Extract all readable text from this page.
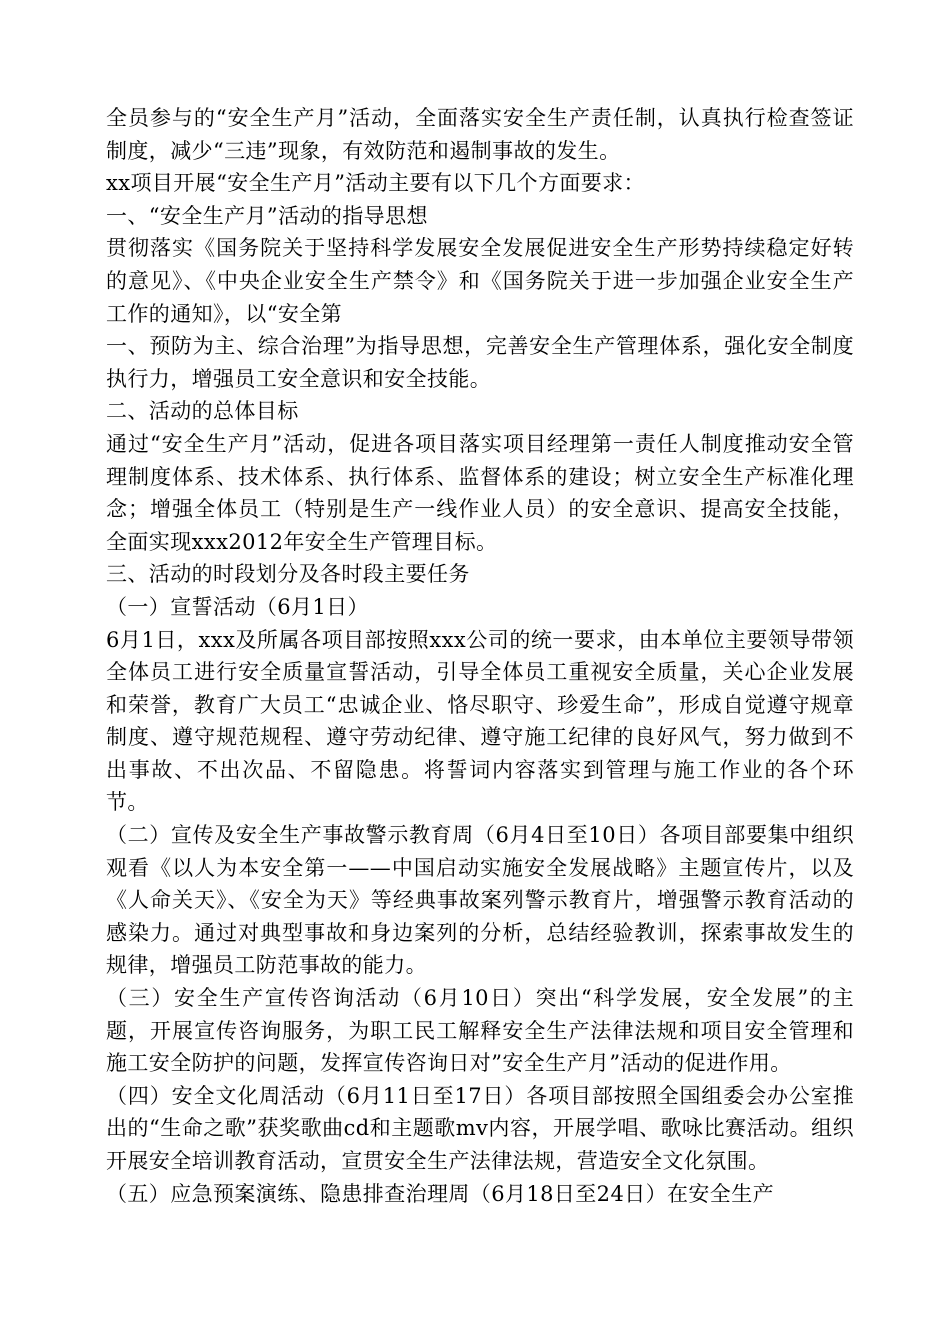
全员参与的“安全生产月”活动，全面落实安全生产责任制，认真执行检查签证制度，减少“三违”现象，有效防范和遏制事故的发生。

xx项目开展“安全生产月”活动主要有以下几个方面要求：

一、“安全生产月”活动的指导思想

贯彻落实《国务院关于坚持科学发展安全发展促进安全生产形势持续稳定好转的意见》、《中央企业安全生产禁令》和《国务院关于进一步加强企业安全生产工作的通知》，以“安全第

一、预防为主、综合治理”为指导思想，完善安全生产管理体系，强化安全制度执行力，增强员工安全意识和安全技能。

二、活动的总体目标

通过“安全生产月”活动，促进各项目落实项目经理第一责任人制度推动安全管理制度体系、技术体系、执行体系、监督体系的建设；树立安全生产标准化理念；增强全体员工（特别是生产一线作业人员）的安全意识、提高安全技能，全面实现xxx2012年安全生产管理目标。

三、活动的时段划分及各时段主要任务

（一）宣誓活动（6月1日）

6月1日，xxx及所属各项目部按照xxx公司的统一要求，由本单位主要领导带领全体员工进行安全质量宣誓活动，引导全体员工重视安全质量，关心企业发展和荣誉，教育广大员工“忠诚企业、恪尽职守、珍爱生命”，形成自觉遵守规章制度、遵守规范规程、遵守劳动纪律、遵守施工纪律的良好风气，努力做到不出事故、不出次品、不留隐患。将誓词内容落实到管理与施工作业的各个环节。

（二）宣传及安全生产事故警示教育周（6月4日至10日）各项目部要集中组织观看《以人为本安全第一——中国启动实施安全发展战略》主题宣传片，以及《人命关天》、《安全为天》等经典事故案列警示教育片，增强警示教育活动的感染力。通过对典型事故和身边案列的分析，总结经验教训，探索事故发生的规律，增强员工防范事故的能力。

（三）安全生产宣传咨询活动（6月10日）突出“科学发展，安全发展”的主题，开展宣传咨询服务，为职工民工解释安全生产法律法规和项目安全管理和施工安全防护的问题，发挥宣传咨询日对”安全生产月”活动的促进作用。

（四）安全文化周活动（6月11日至17日）各项目部按照全国组委会办公室推出的“生命之歌”获奖歌曲cd和主题歌mv内容，开展学唱、歌咏比赛活动。组织开展安全培训教育活动，宣贯安全生产法律法规，营造安全文化氛围。

（五）应急预案演练、隐患排查治理周（6月18日至24日）在安全生产
